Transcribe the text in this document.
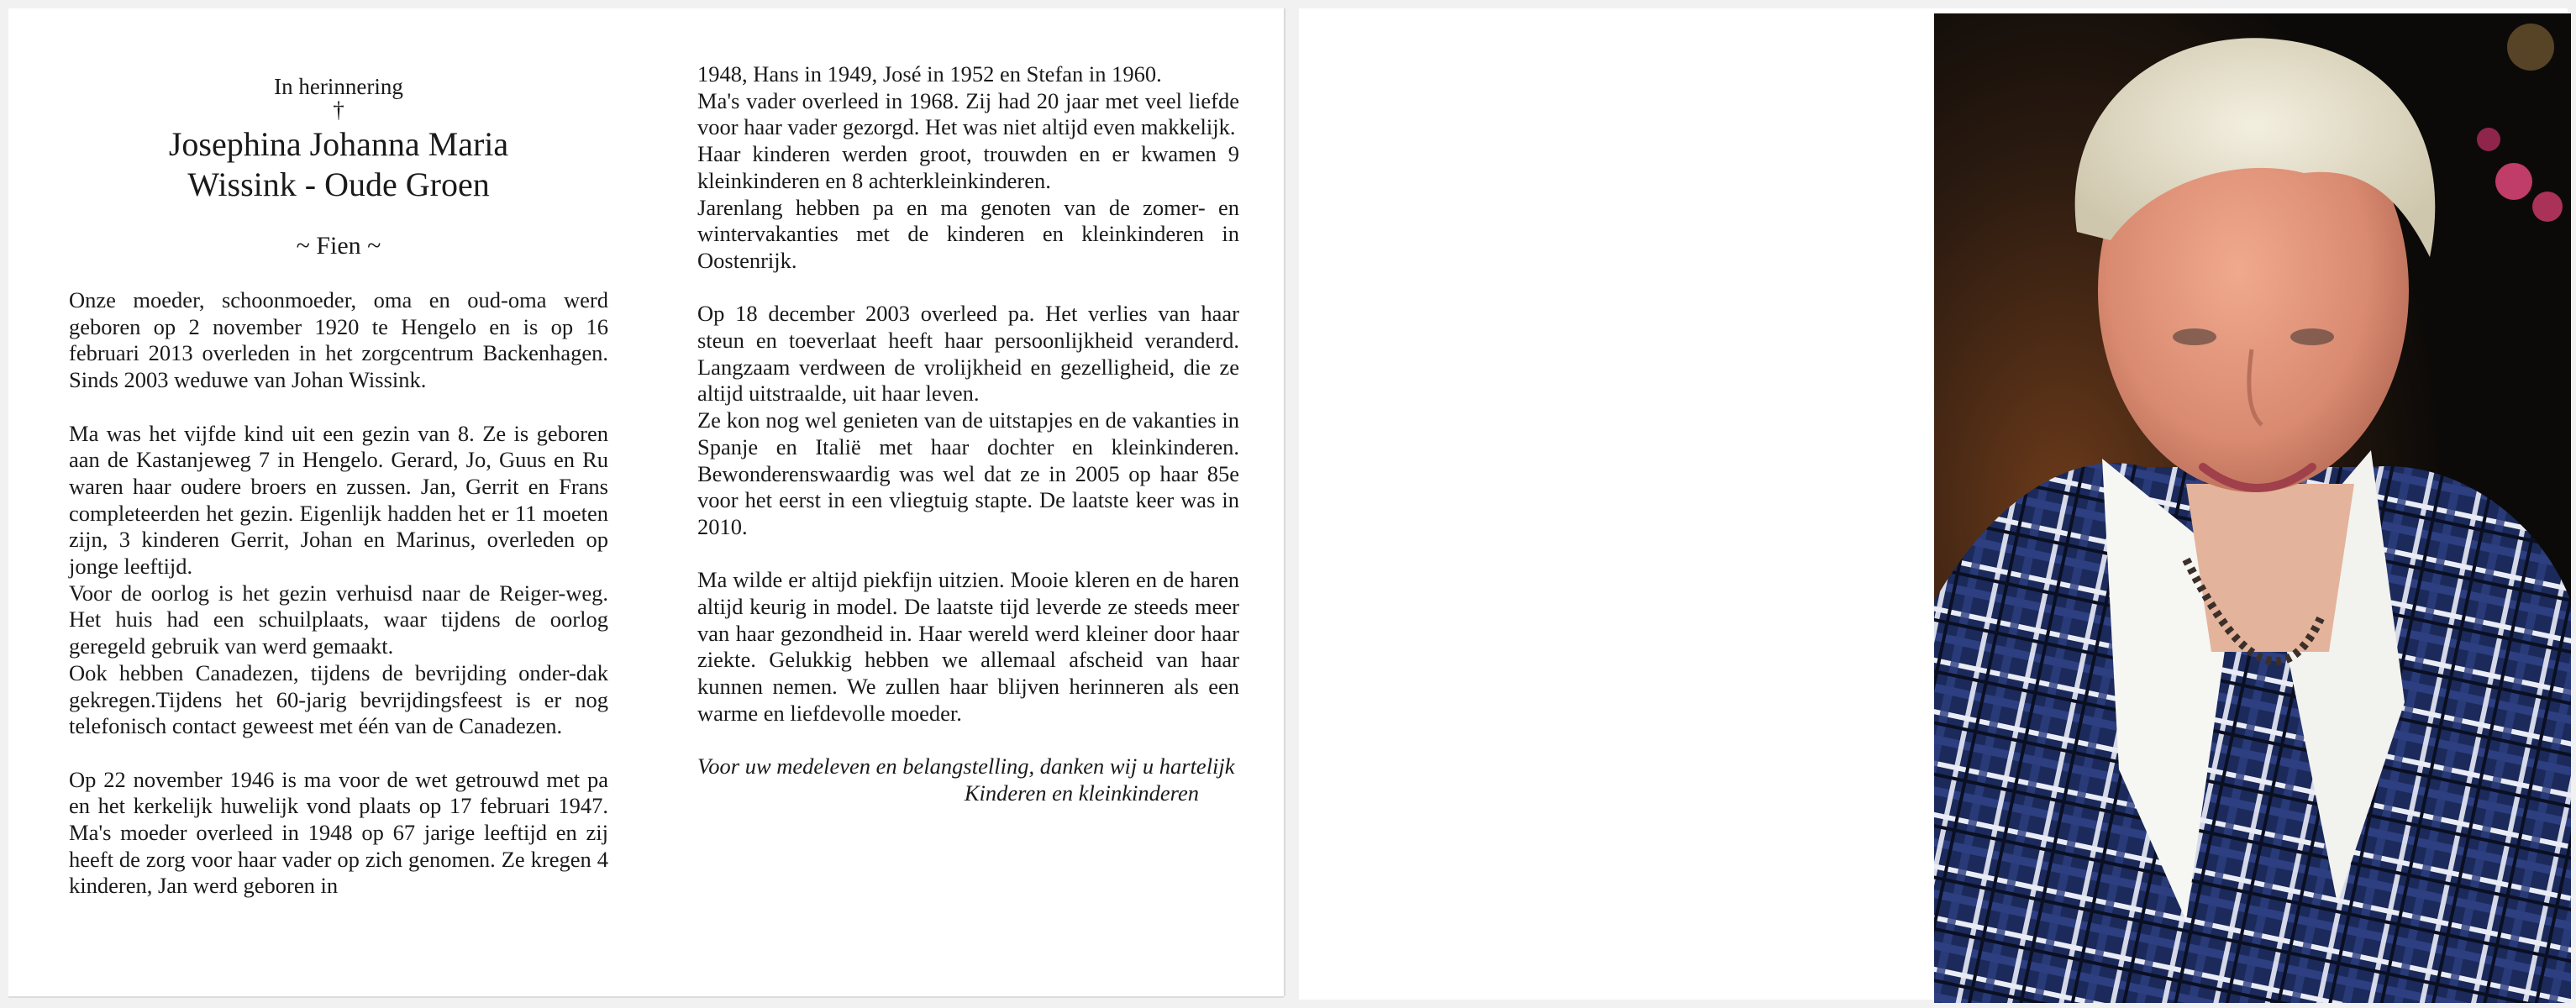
In herinnering
†
Josephina Johanna Maria
Wissink - Oude Groen
~ Fien ~

Onze moeder, schoonmoeder, oma en oud-oma werd geboren op 2 november 1920 te Hengelo en is op 16 februari 2013 overleden in het zorgcentrum Backenhagen. Sinds 2003 weduwe van Johan Wissink.

Ma was het vijfde kind uit een gezin van 8. Ze is geboren aan de Kastanjeweg 7 in Hengelo. Gerard, Jo, Guus en Ru waren haar oudere broers en zussen. Jan, Gerrit en Frans completeerden het gezin. Eigenlijk hadden het er 11 moeten zijn, 3 kinderen Gerrit, Johan en Marinus, overleden op jonge leeftijd.

Voor de oorlog is het gezin verhuisd naar de Reiger-weg. Het huis had een schuilplaats, waar tijdens de oorlog geregeld gebruik van werd gemaakt.

Ook hebben Canadezen, tijdens de bevrijding onder-dak gekregen.Tijdens het 60-jarig bevrijdingsfeest is er nog telefonisch contact geweest met één van de Canadezen.

Op 22 november 1946 is ma voor de wet getrouwd met pa en het kerkelijk huwelijk vond plaats op 17 februari 1947. Ma's moeder overleed in 1948 op 67 jarige leeftijd en zij heeft de zorg voor haar vader op zich genomen. Ze kregen 4 kinderen, Jan werd geboren in

1948, Hans in 1949, José in 1952 en Stefan in 1960.

Ma's vader overleed in 1968. Zij had 20 jaar met veel liefde voor haar vader gezorgd. Het was niet altijd even makkelijk.

Haar kinderen werden groot, trouwden en er kwamen 9 kleinkinderen en 8 achterkleinkinderen.

Jarenlang hebben pa en ma genoten van de zomer- en wintervakanties met de kinderen en kleinkinderen in Oostenrijk.

Op 18 december 2003 overleed pa. Het verlies van haar steun en toeverlaat heeft haar persoonlijkheid veranderd. Langzaam verdween de vrolijkheid en gezelligheid, die ze altijd uitstraalde, uit haar leven.

Ze kon nog wel genieten van de uitstapjes en de vakanties in Spanje en Italië met haar dochter en kleinkinderen. Bewonderenswaardig was wel dat ze in 2005 op haar 85e voor het eerst in een vliegtuig stapte. De laatste keer was in 2010.

Ma wilde er altijd piekfijn uitzien. Mooie kleren en de haren altijd keurig in model. De laatste tijd leverde ze steeds meer van haar gezondheid in. Haar wereld werd kleiner door haar ziekte. Gelukkig hebben we allemaal afscheid van haar kunnen nemen. We zullen haar blijven herinneren als een warme en liefdevolle moeder.

Voor uw medeleven en belangstelling, danken wij u hartelijk

Kinderen en kleinkinderen
